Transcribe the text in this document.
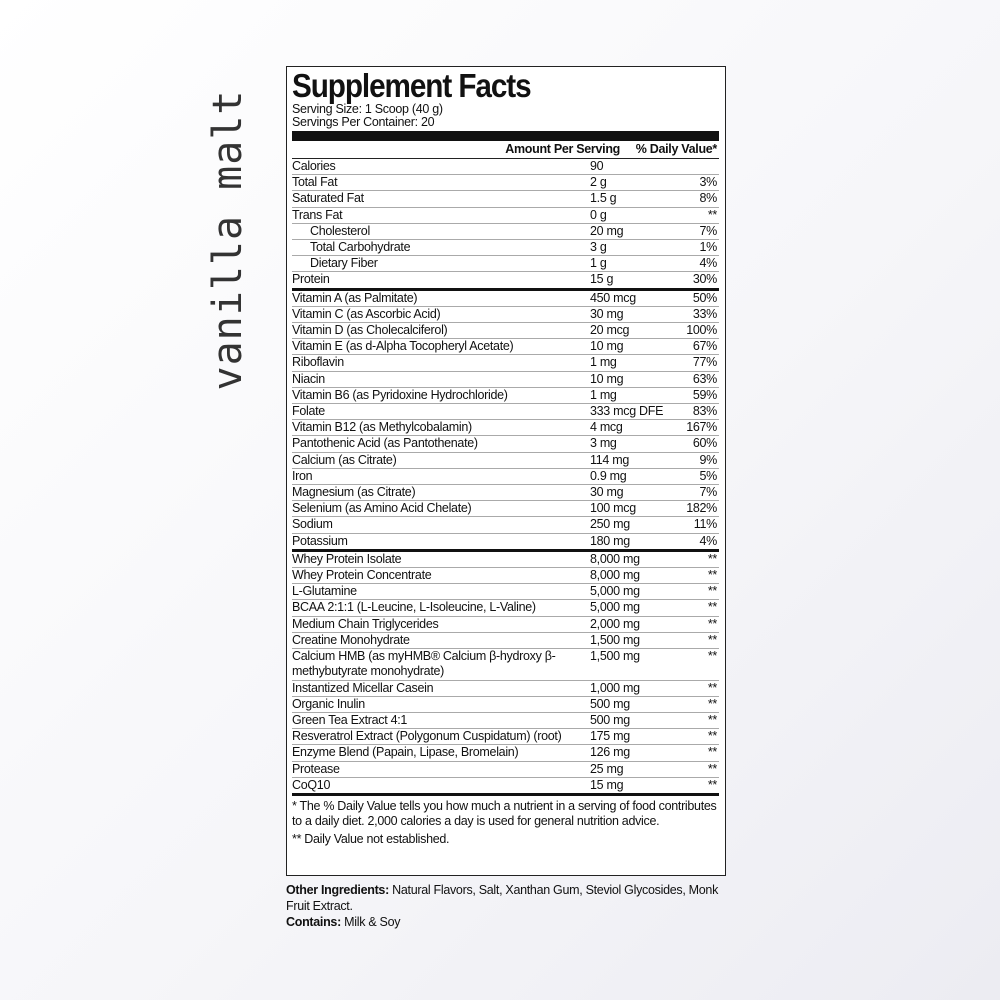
vanilla malt
Supplement Facts
Serving Size: 1 Scoop (40 g)
Servings Per Container: 20
Amount Per Serving	% Daily Value*
Calories	90
Total Fat	2 g	3%
Saturated Fat	1.5 g	8%
Trans Fat	0 g	**
Cholesterol	20 mg	7%
Total Carbohydrate	3 g	1%
Dietary Fiber	1 g	4%
Protein	15 g	30%
Vitamin A (as Palmitate)	450 mcg	50%
Vitamin C (as Ascorbic Acid)	30 mg	33%
Vitamin D (as Cholecalciferol)	20 mcg	100%
Vitamin E (as d-Alpha Tocopheryl Acetate)	10 mg	67%
Riboflavin	1 mg	77%
Niacin	10 mg	63%
Vitamin B6 (as Pyridoxine Hydrochloride)	1 mg	59%
Folate	333 mcg DFE	83%
Vitamin B12 (as Methylcobalamin)	4 mcg	167%
Pantothenic Acid (as Pantothenate)	3 mg	60%
Calcium (as Citrate)	114 mg	9%
Iron	0.9 mg	5%
Magnesium (as Citrate)	30 mg	7%
Selenium (as Amino Acid Chelate)	100 mcg	182%
Sodium	250 mg	11%
Potassium	180 mg	4%
Whey Protein Isolate	8,000 mg	**
Whey Protein Concentrate	8,000 mg	**
L-Glutamine	5,000 mg	**
BCAA 2:1:1 (L-Leucine, L-Isoleucine, L-Valine)	5,000 mg	**
Medium Chain Triglycerides	2,000 mg	**
Creatine Monohydrate	1,500 mg	**
Calcium HMB (as myHMB® Calcium β-hydroxy β-methybutyrate monohydrate)
1,500 mg	**
Instantized Micellar Casein	1,000 mg	**
Organic Inulin	500 mg	**
Green Tea Extract 4:1	500 mg	**
Resveratrol Extract (Polygonum Cuspidatum) (root)	175 mg	**
Enzyme Blend (Papain, Lipase, Bromelain)	126 mg	**
Protease	25 mg	**
CoQ10	15 mg	**

* The % Daily Value tells you how much a nutrient in a serving of food contributes to a daily diet. 2,000 calories a day is used for general nutrition advice.

** Daily Value not established.

Other Ingredients: Natural Flavors, Salt, Xanthan Gum, Steviol Glycosides, Monk Fruit Extract.
Contains: Milk & Soy
